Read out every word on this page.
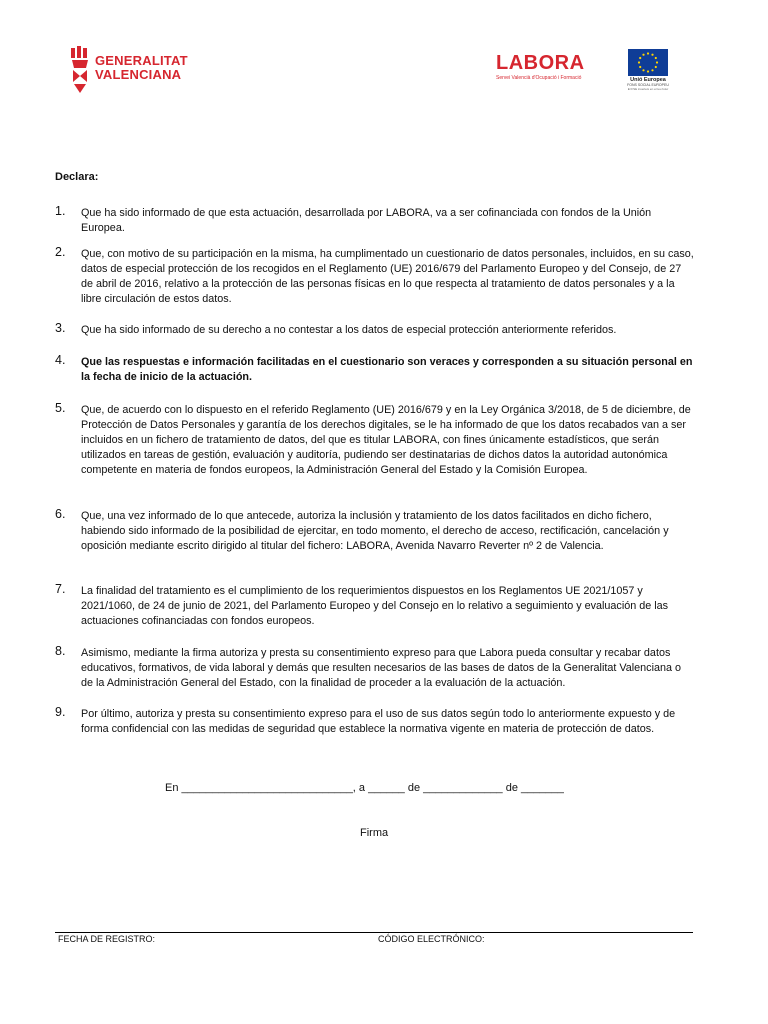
GENERALITAT
VALENCIANA
LABORA
Servei Valencià d'Ocupació i Formació	Unió Europea
FONS SOCIAL EUROPEU
El FSE inverteix en el teu futur
Declara:
1. Que ha sido informado de que esta actuación, desarrollada por LABORA, va a ser cofinanciada con fondos de la Unión Europea.
2. Que, con motivo de su participación en la misma, ha cumplimentado un cuestionario de datos personales, incluidos, en su caso, datos de especial protección de los recogidos en el Reglamento (UE) 2016/679 del Parlamento Europeo y del Consejo, de 27 de abril de 2016, relativo a la protección de las personas físicas en lo que respecta al tratamiento de datos personales y a la libre circulación de estos datos.
3. Que ha sido informado de su derecho a no contestar a los datos de especial protección anteriormente referidos.
4. Que las respuestas e información facilitadas en el cuestionario son veraces y corresponden a su situación personal en la fecha de inicio de la actuación.
5. Que, de acuerdo con lo dispuesto en el referido Reglamento (UE) 2016/679 y en la Ley Orgánica 3/2018, de 5 de diciembre, de Protección de Datos Personales y garantía de los derechos digitales, se le ha informado de que los datos recabados van a ser incluidos en un fichero de tratamiento de datos, del que es titular LABORA, con fines únicamente estadísticos, que serán utilizados en tareas de gestión, evaluación y auditoría, pudiendo ser destinatarias de dichos datos la autoridad autonómica competente en materia de fondos europeos, la Administración General del Estado y la Comisión Europea.
6. Que, una vez informado de lo que antecede, autoriza la inclusión y tratamiento de los datos facilitados en dicho fichero, habiendo sido informado de la posibilidad de ejercitar, en todo momento, el derecho de acceso, rectificación, cancelación y oposición mediante escrito dirigido al titular del fichero: LABORA, Avenida Navarro Reverter nº 2 de Valencia.
7. La finalidad del tratamiento es el cumplimiento de los requerimientos dispuestos en los Reglamentos UE 2021/1057 y 2021/1060, de 24 de junio de 2021, del Parlamento Europeo y del Consejo en lo relativo a seguimiento y evaluación de las actuaciones cofinanciadas con fondos europeos.
8. Asimismo, mediante la firma autoriza y presta su consentimiento expreso para que Labora pueda consultar y recabar datos educativos, formativos, de vida laboral y demás que resulten necesarios de las bases de datos de la Generalitat Valenciana o de la Administración General del Estado, con la finalidad de proceder a la evaluación de la actuación.
9. Por último, autoriza y presta su consentimiento expreso para el uso de sus datos según todo lo anteriormente expuesto y de forma confidencial con las medidas de seguridad que establece la normativa vigente en materia de protección de datos.
En ____________________________, a ______ de _____________ de _______
Firma
FECHA DE REGISTRO:	CÓDIGO ELECTRÓNICO:
